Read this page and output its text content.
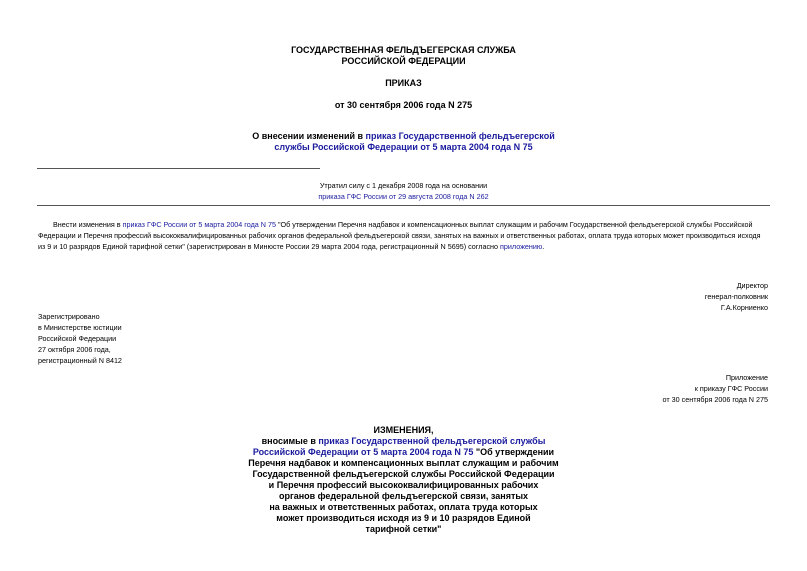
ГОСУДАРСТВЕННАЯ ФЕЛЬДЪЕГЕРСКАЯ СЛУЖБА
РОССИЙСКОЙ ФЕДЕРАЦИИ
ПРИКАЗ
от 30 сентября 2006 года N 275
О внесении изменений в приказ Государственной фельдъегерской
службы Российской Федерации от 5 марта 2004 года N 75
Утратил силу с 1 декабря 2008 года на основании
приказа ГФС России от 29 августа 2008 года N 262
Внести изменения в приказ ГФС России от 5 марта 2004 года N 75 "Об утверждении Перечня надбавок и компенсационных выплат служащим и рабочим Государственной фельдъегерской службы Российской Федерации и Перечня профессий высококвалифицированных рабочих органов федеральной фельдъегерской связи, занятых на важных и ответственных работах, оплата труда которых может производиться исходя из 9 и 10 разрядов Единой тарифной сетки" (зарегистрирован в Минюсте России 29 марта 2004 года, регистрационный N 5695) согласно приложению.
Директор
генерал-полковник
Г.А.Корниенко
Зарегистрировано
в Министерстве юстиции
Российской Федерации
27 октября 2006 года,
регистрационный N 8412
Приложение
к приказу ГФС России
от 30 сентября 2006 года N 275
ИЗМЕНЕНИЯ,
вносимые в приказ Государственной фельдъегерской службы
Российской Федерации от 5 марта 2004 года N 75 "Об утверждении
Перечня надбавок и компенсационных выплат служащим и рабочим
Государственной фельдъегерской службы Российской Федерации
и Перечня профессий высококвалифицированных рабочих
органов федеральной фельдъегерской связи, занятых
на важных и ответственных работах, оплата труда которых
может производиться исходя из 9 и 10 разрядов Единой
тарифной сетки"
